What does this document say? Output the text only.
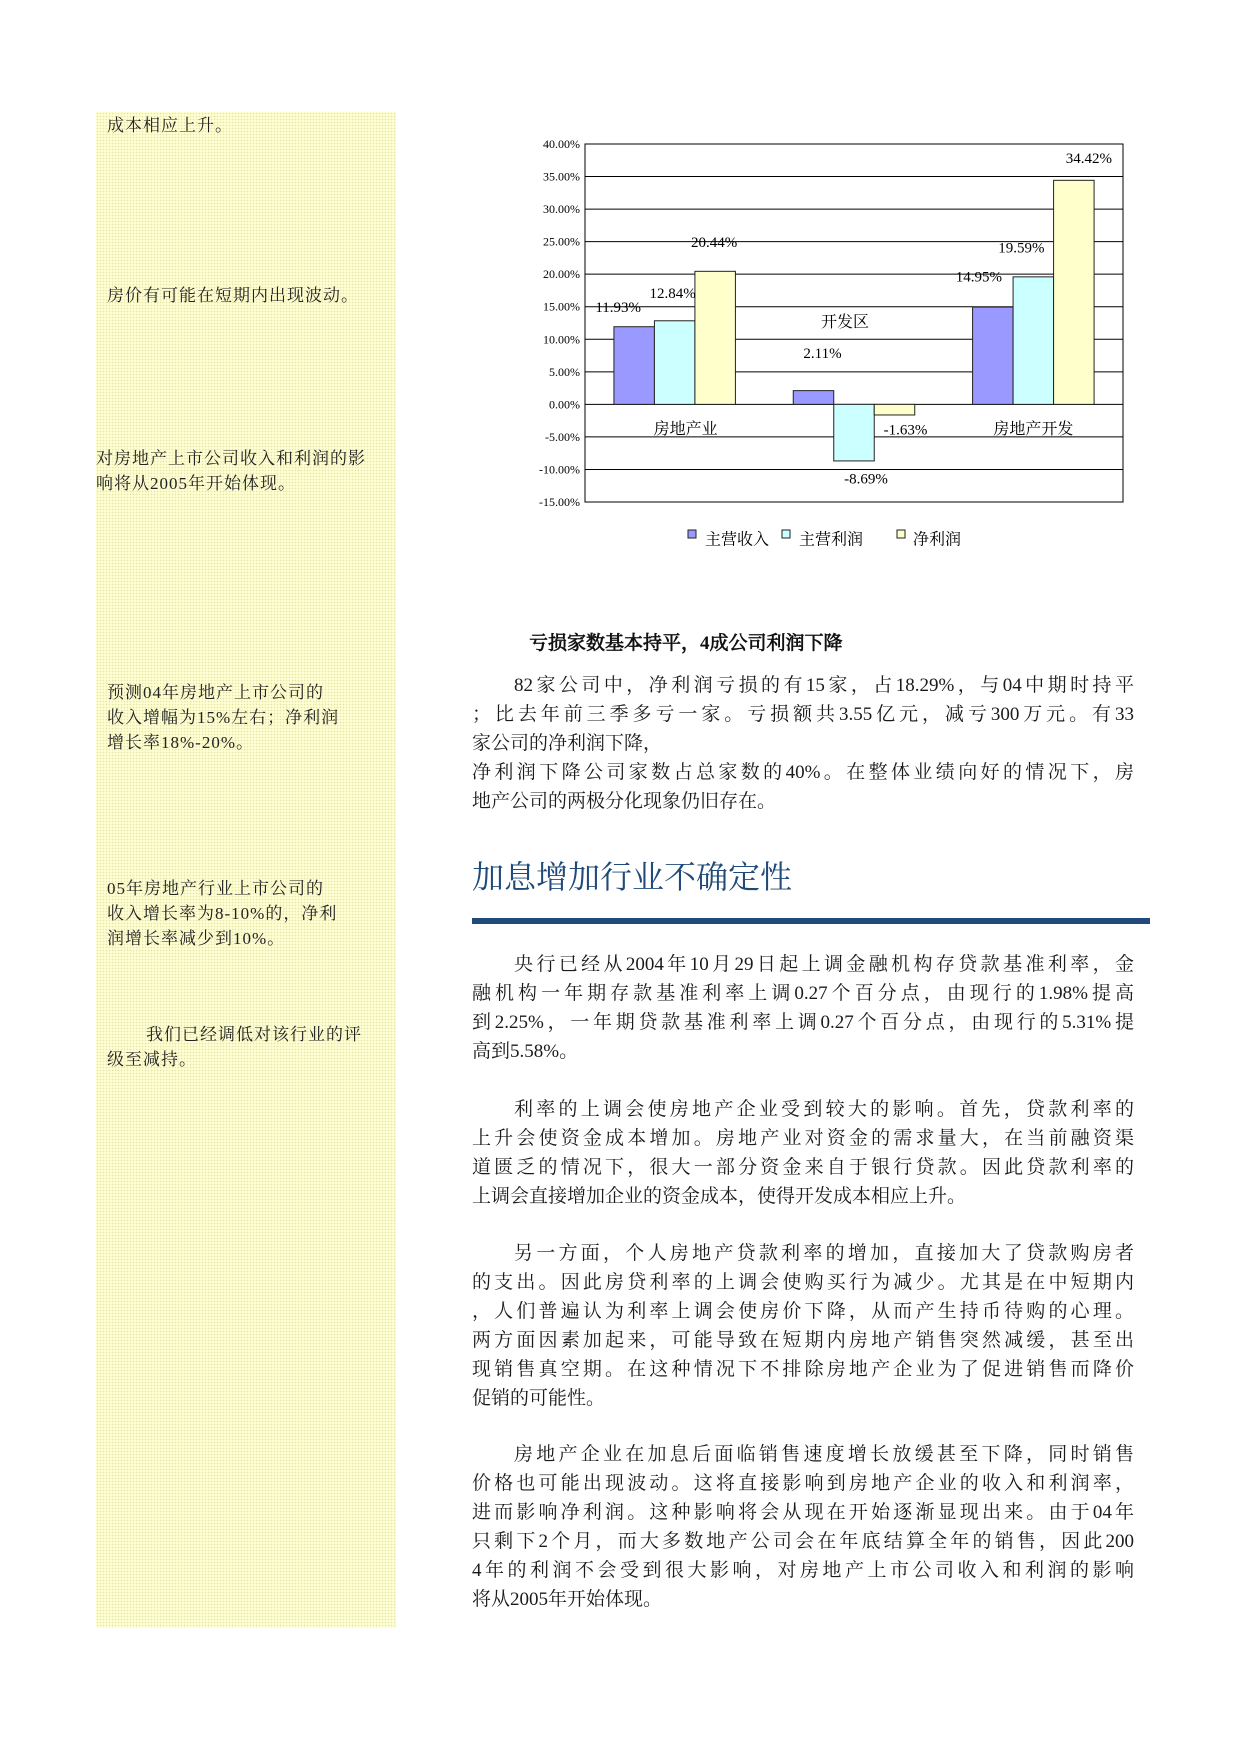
成本相应上升。
房价有可能在短期内出现波动。
对房地产上市公司收入和利润的影
响将从2005年开始体现。
预测04年房地产上市公司的
收入增幅为15%左右；净利润
增长率18%-20%。
05年房地产行业上市公司的
收入增长率为8-10%的，净利
润增长率减少到10%。
我们已经调低对该行业的评
级至减持。
40.00%
35.00%
30.00%
25.00%
20.00%
15.00%
10.00%
5.00%
0.00%
-5.00%
-10.00%
-15.00%
11.93%
2.11%
14.95%
12.84%
-8.69%
19.59%
20.44%
-1.63%
34.42%
房地产业
开发区
房地产开发
主营收入 主营利润	净利润
亏损家数基本持平，4成公司利润下降
82家公司中，净利润亏损的有15家，占18.29%，与04中期时持平
；比去年前三季多亏一家。亏损额共3.55亿元，减亏300万元。有33
家公司的净利润下降，
净利润下降公司家数占总家数的40%。在整体业绩向好的情况下，房
地产公司的两极分化现象仍旧存在。
加息增加行业不确定性
央行已经从2004年10月29日起上调金融机构存贷款基准利率，金
融机构一年期存款基准利率上调0.27个百分点，由现行的1.98%提高
到2.25%，一年期贷款基准利率上调0.27个百分点，由现行的5.31%提
高到5.58%。
利率的上调会使房地产企业受到较大的影响。首先，贷款利率的
上升会使资金成本增加。房地产业对资金的需求量大，在当前融资渠
道匮乏的情况下，很大一部分资金来自于银行贷款。因此贷款利率的
上调会直接增加企业的资金成本，使得开发成本相应上升。
另一方面，个人房地产贷款利率的增加，直接加大了贷款购房者
的支出。因此房贷利率的上调会使购买行为减少。尤其是在中短期内
，人们普遍认为利率上调会使房价下降，从而产生持币待购的心理。
两方面因素加起来，可能导致在短期内房地产销售突然减缓，甚至出
现销售真空期。在这种情况下不排除房地产企业为了促进销售而降价
促销的可能性。
房地产企业在加息后面临销售速度增长放缓甚至下降，同时销售
价格也可能出现波动。这将直接影响到房地产企业的收入和利润率，
进而影响净利润。这种影响将会从现在开始逐渐显现出来。由于04年
只剩下2个月，而大多数地产公司会在年底结算全年的销售，因此200
4年的利润不会受到很大影响，对房地产上市公司收入和利润的影响
将从2005年开始体现。
